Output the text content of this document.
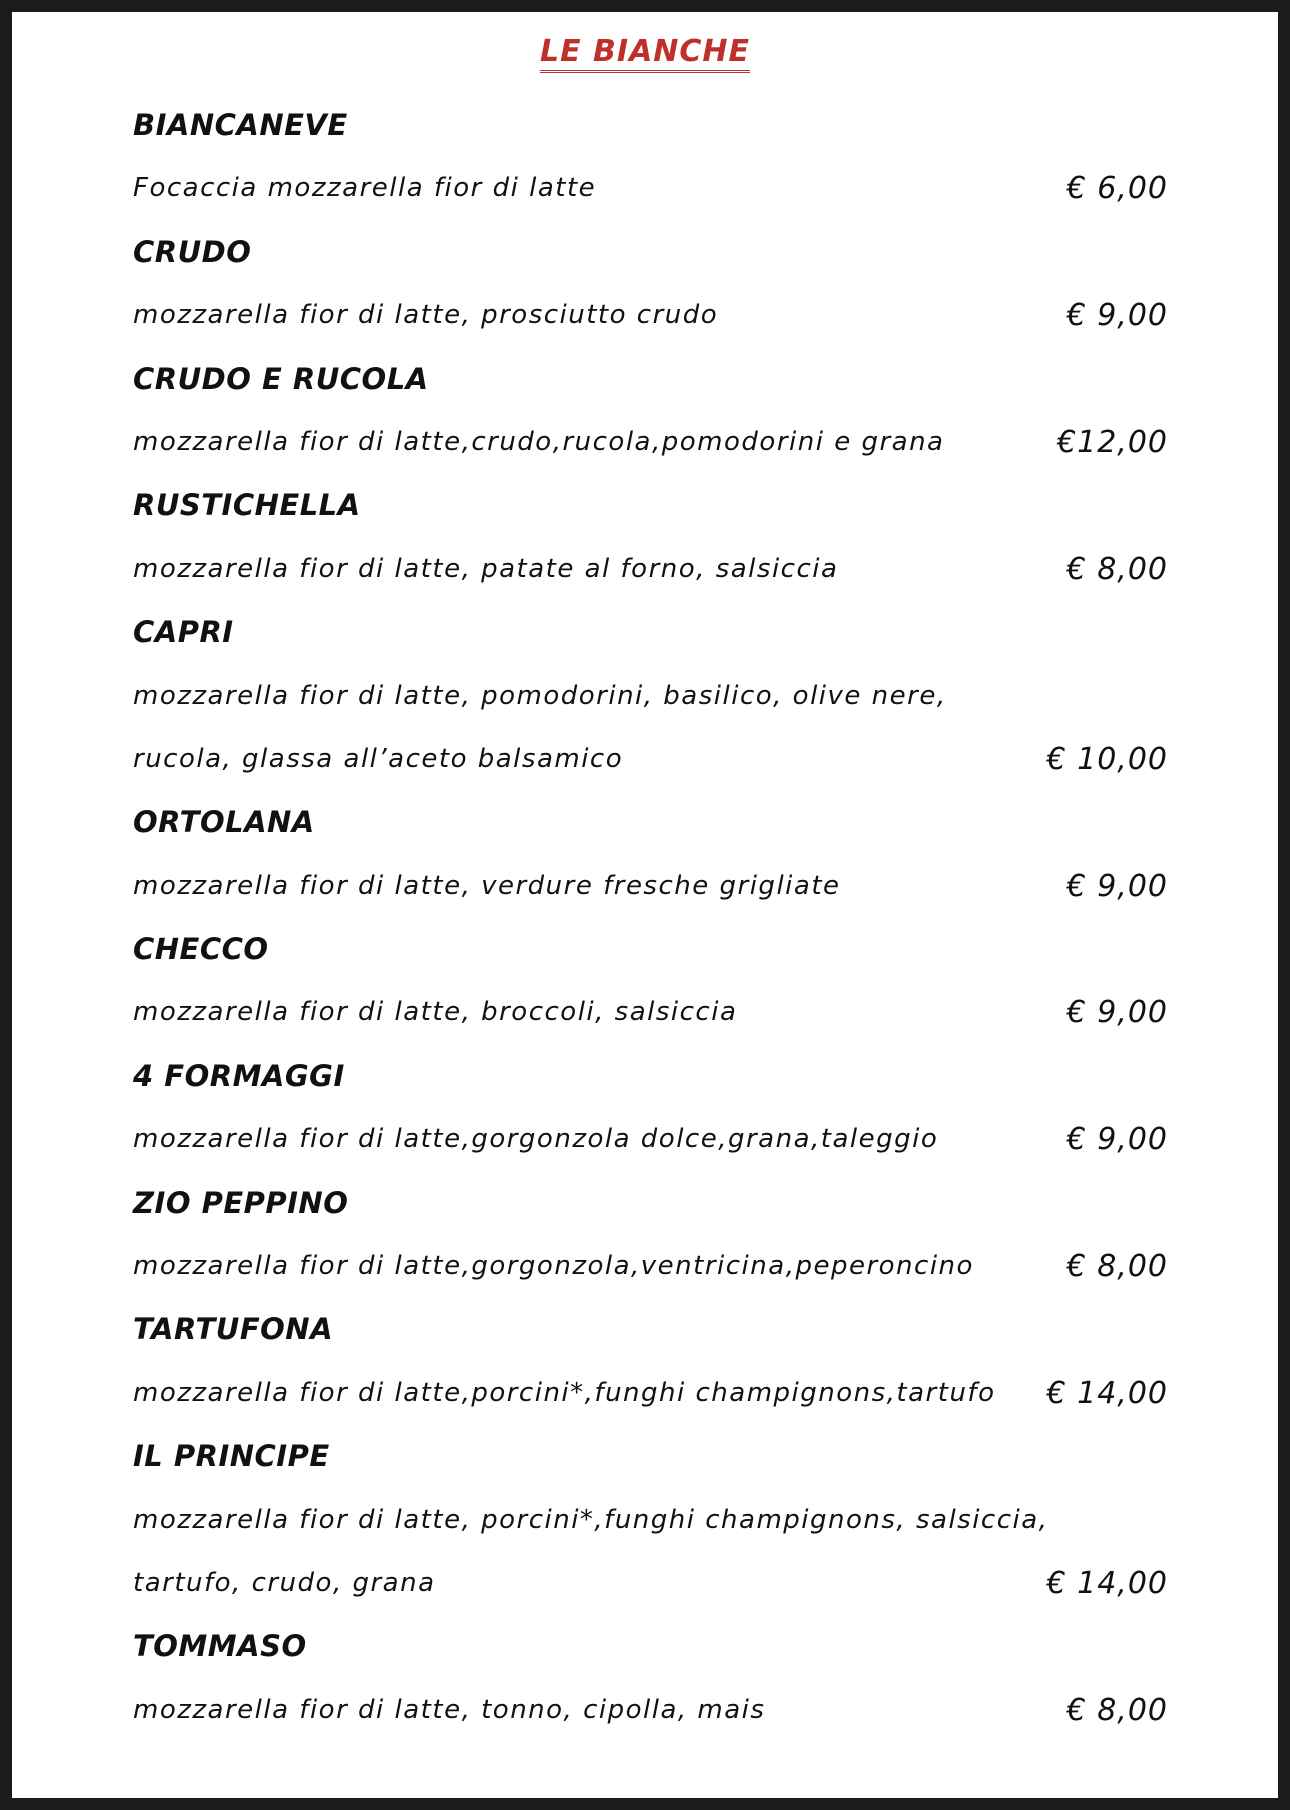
LE BIANCHE
BIANCANEVE
Focaccia mozzarella fior di latte	€ 6,00
CRUDO
mozzarella fior di latte, prosciutto crudo	€ 9,00
CRUDO E RUCOLA
mozzarella fior di latte,crudo,rucola,pomodorini e grana	€12,00
RUSTICHELLA
mozzarella fior di latte, patate al forno, salsiccia	€ 8,00
CAPRI
mozzarella fior di latte, pomodorini, basilico, olive nere,
rucola, glassa all’aceto balsamico	€ 10,00
ORTOLANA
mozzarella fior di latte, verdure fresche grigliate	€ 9,00
CHECCO
mozzarella fior di latte, broccoli, salsiccia	€ 9,00
4 FORMAGGI
mozzarella fior di latte,gorgonzola dolce,grana,taleggio	€ 9,00
ZIO PEPPINO
mozzarella fior di latte,gorgonzola,ventricina,peperoncino	€ 8,00
TARTUFONA
mozzarella fior di latte,porcini*,funghi champignons,tartufo € 14,00
IL PRINCIPE
mozzarella fior di latte, porcini*,funghi champignons, salsiccia,
tartufo, crudo, grana	€ 14,00
TOMMASO
mozzarella fior di latte, tonno, cipolla, mais	€ 8,00
